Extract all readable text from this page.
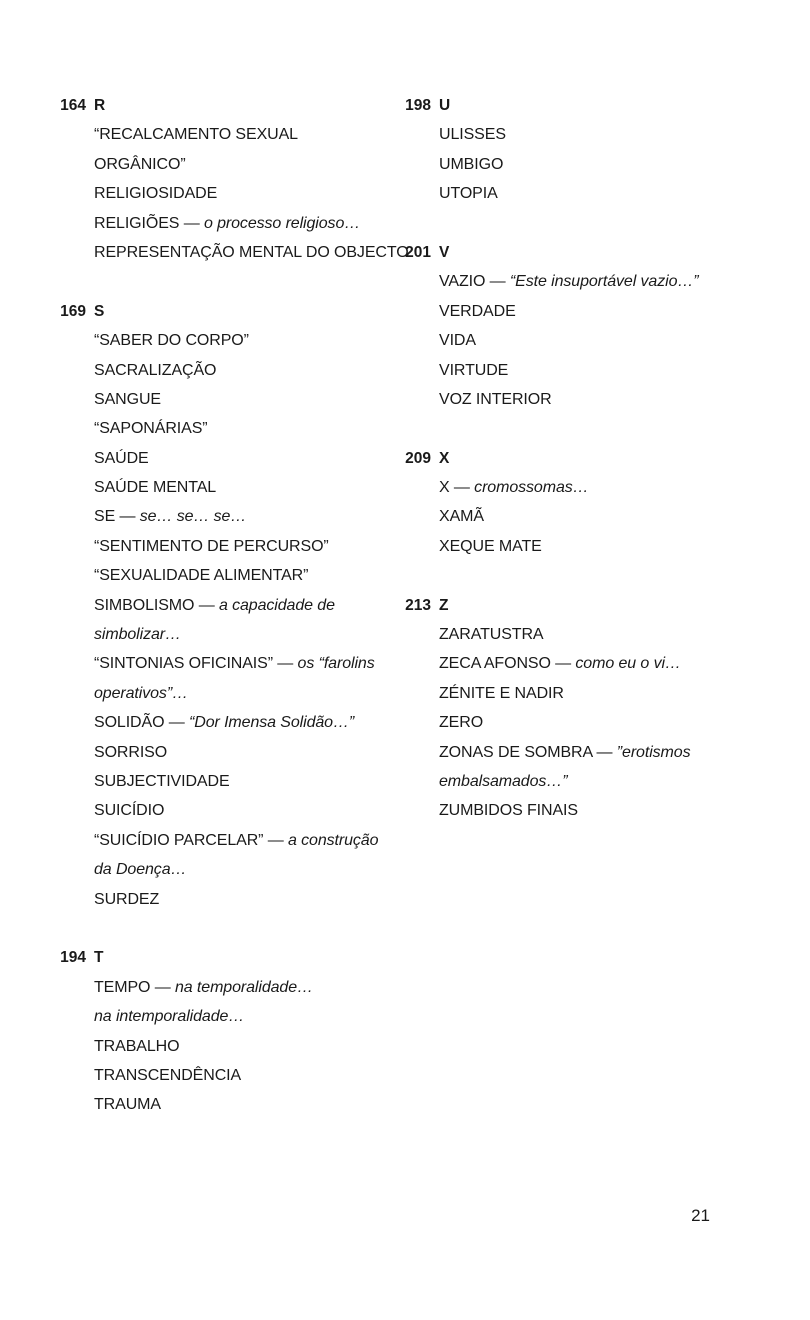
164 R
“RECALCAMENTO SEXUAL
ORGÂNICO”
RELIGIOSIDADE
RELIGIÕES — o processo religioso…
REPRESENTAÇÃO MENTAL DO OBJECTO
169 S
“SABER DO CORPO”
SACRALIZAÇÃO
SANGUE
“SAPONÁRIAS”
SAÚDE
SAÚDE MENTAL
SE — se… se… se…
“SENTIMENTO DE PERCURSO”
“SEXUALIDADE ALIMENTAR”
SIMBOLISMO — a capacidade de
simbolizar…
“SINTONIAS OFICINAIS” — os “farolins
operativos”…
SOLIDÃO — “Dor Imensa Solidão…”
SORRISO
SUBJECTIVIDADE
SUICÍDIO
“SUICÍDIO PARCELAR” — a construção
da Doença…
SURDEZ
194 T
TEMPO — na temporalidade…
na intemporalidade…
TRABALHO
TRANSCENDÊNCIA
TRAUMA
198 U
ULISSES
UMBIGO
UTOPIA
201 V
VAZIO — “Este insuportável vazio…”
VERDADE
VIDA
VIRTUDE
VOZ INTERIOR
209 X
X — cromossomas…
XAMÃ
XEQUE MATE
213 Z
ZARATUSTRA
ZECA AFONSO — como eu o vi…
ZÉNITE E NADIR
ZERO
ZONAS DE SOMBRA — ”erotismos
embalsamados…”
ZUMBIDOS FINAIS
21
